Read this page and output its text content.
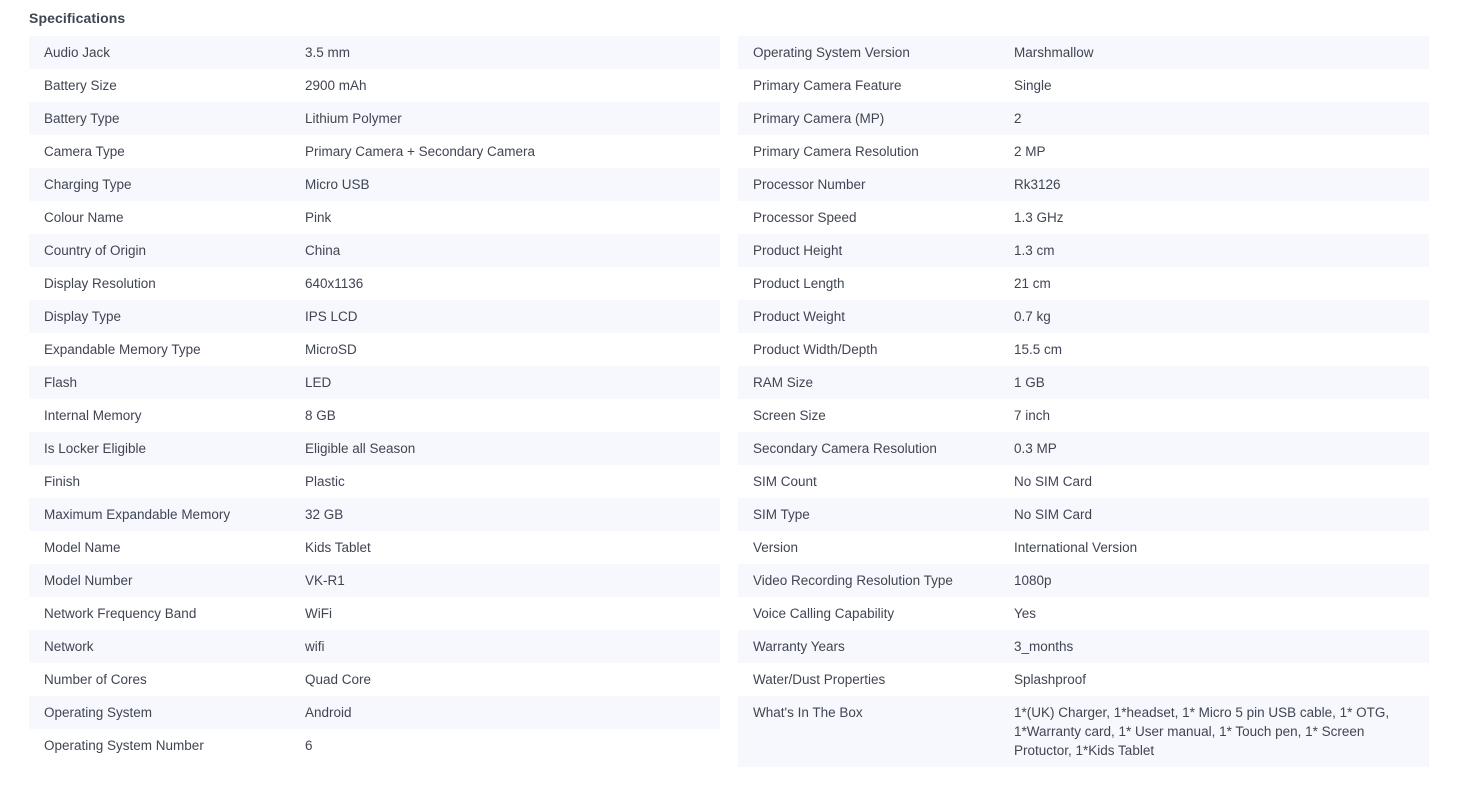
Specifications
Audio Jack	3.5 mm
Battery Size	2900 mAh
Battery Type	Lithium Polymer
Camera Type	Primary Camera + Secondary Camera
Charging Type	Micro USB
Colour Name	Pink
Country of Origin	China
Display Resolution	640x1136
Display Type	IPS LCD
Expandable Memory Type	MicroSD
Flash	LED
Internal Memory	8 GB
Is Locker Eligible	Eligible all Season
Finish	Plastic
Maximum Expandable Memory	32 GB
Model Name	Kids Tablet
Model Number	VK-R1
Network Frequency Band	WiFi
Network	wifi
Number of Cores	Quad Core
Operating System	Android
Operating System Number	6
Operating System Version	Marshmallow
Primary Camera Feature	Single
Primary Camera (MP)	2
Primary Camera Resolution	2 MP
Processor Number	Rk3126
Processor Speed	1.3 GHz
Product Height	1.3 cm
Product Length	21 cm
Product Weight	0.7 kg
Product Width/Depth	15.5 cm
RAM Size	1 GB
Screen Size	7 inch
Secondary Camera Resolution	0.3 MP
SIM Count	No SIM Card
SIM Type	No SIM Card
Version	International Version
Video Recording Resolution Type	1080p
Voice Calling Capability	Yes
Warranty Years	3_months
Water/Dust Properties	Splashproof
What's In The Box	1*(UK) Charger, 1*headset, 1* Micro 5 pin USB cable, 1* OTG, 1*Warranty card, 1* User manual, 1* Touch pen, 1* Screen Protuctor, 1*Kids Tablet
